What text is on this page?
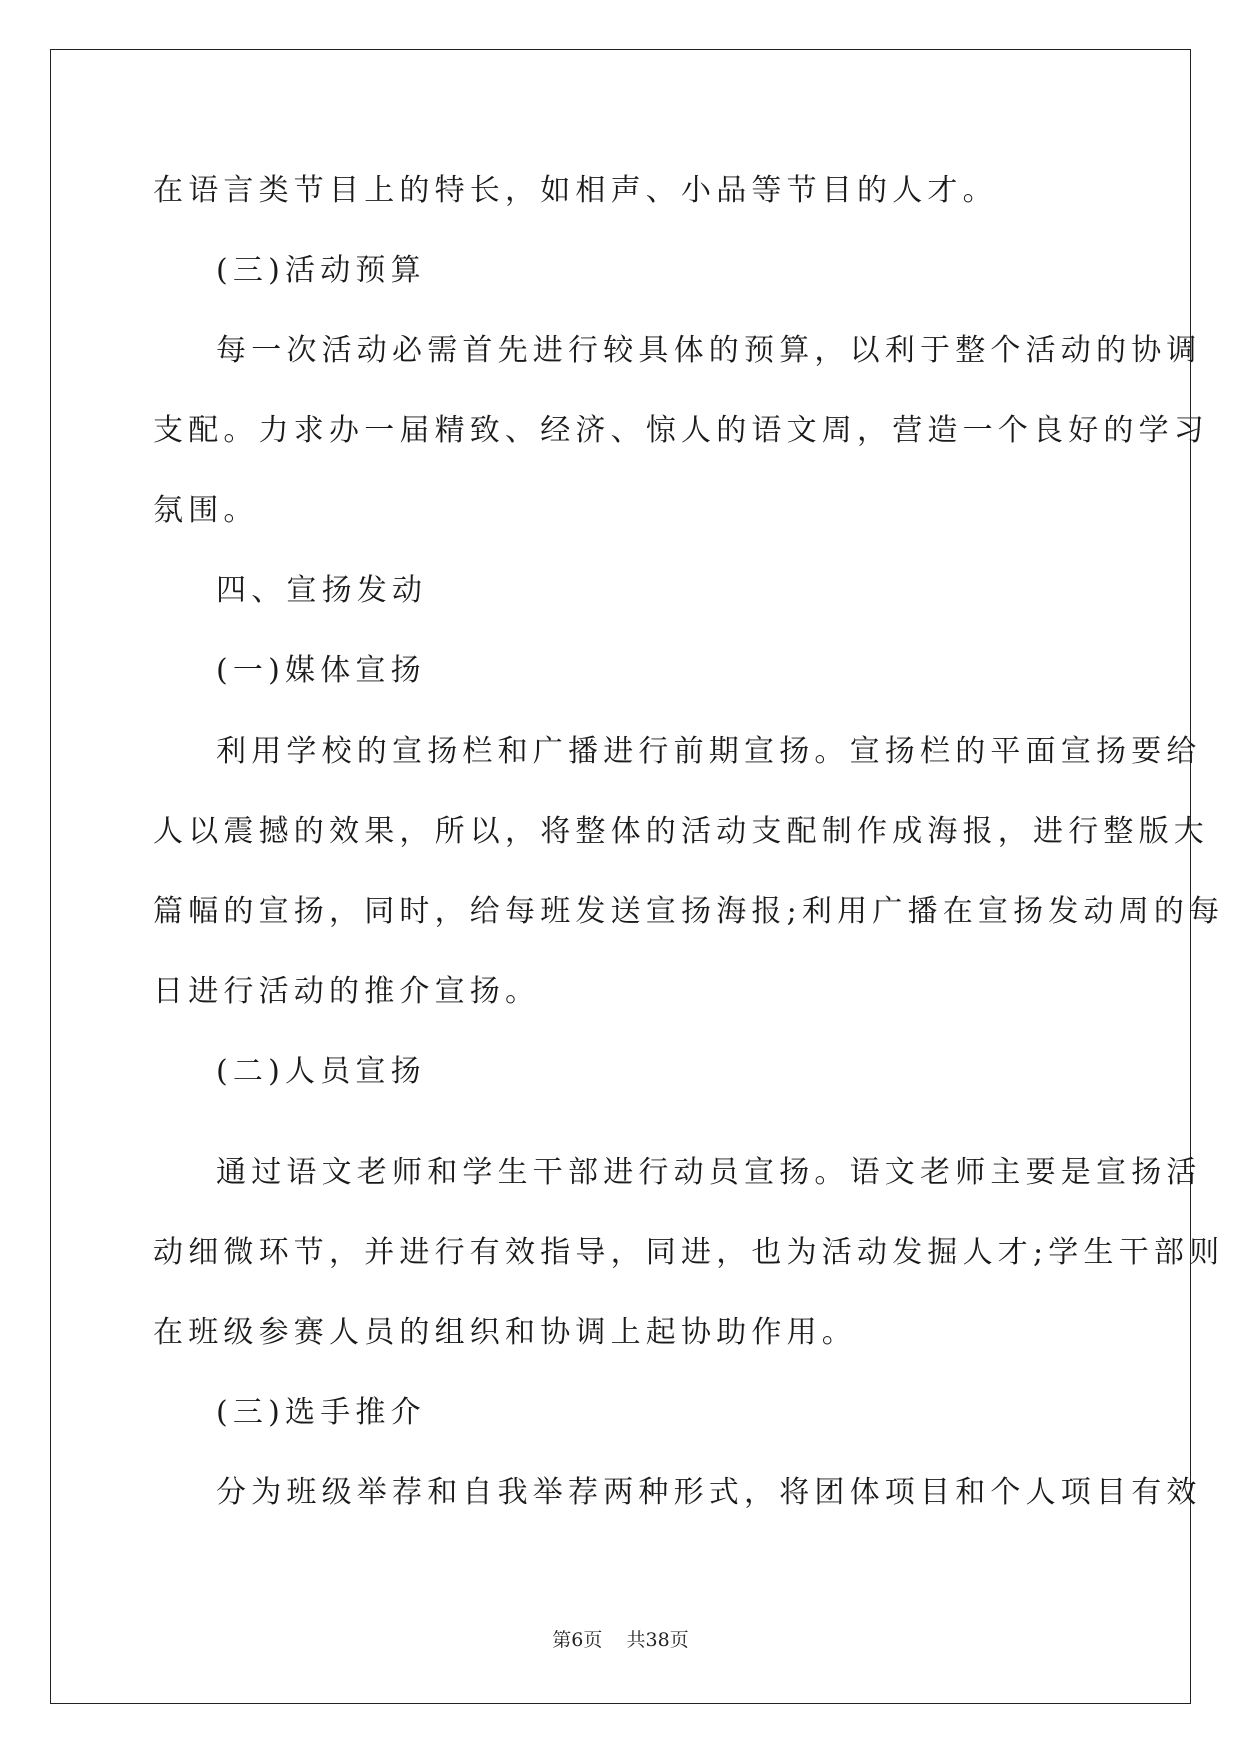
在语言类节目上的特长，如相声、小品等节目的人才。
(三)活动预算
每一次活动必需首先进行较具体的预算，以利于整个活动的协调
支配。力求办一届精致、经济、惊人的语文周，营造一个良好的学习
氛围。
四、宣扬发动
(一)媒体宣扬
利用学校的宣扬栏和广播进行前期宣扬。宣扬栏的平面宣扬要给
人以震撼的效果，所以，将整体的活动支配制作成海报，进行整版大
篇幅的宣扬，同时，给每班发送宣扬海报;利用广播在宣扬发动周的每
日进行活动的推介宣扬。
(二)人员宣扬
通过语文老师和学生干部进行动员宣扬。语文老师主要是宣扬活
动细微环节，并进行有效指导，同进，也为活动发掘人才;学生干部则
在班级参赛人员的组织和协调上起协助作用。
(三)选手推介
分为班级举荐和自我举荐两种形式，将团体项目和个人项目有效
第6页 共38页
